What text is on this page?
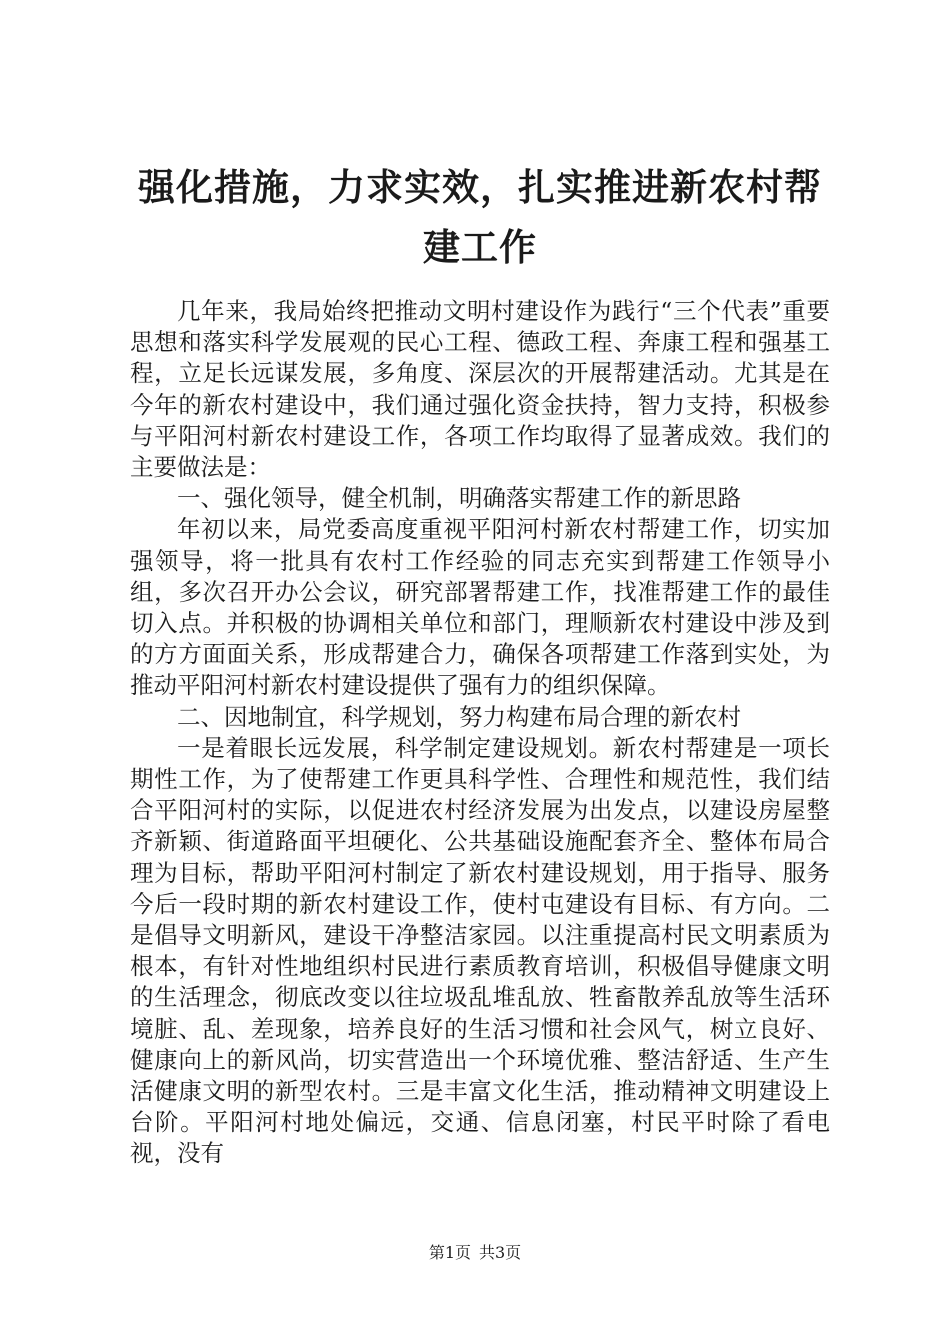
强化措施，力求实效，扎实推进新农村帮建工作

几年来，我局始终把推动文明村建设作为践行“三个代表”重要思想和落实科学发展观的民心工程、德政工程、奔康工程和强基工程，立足长远谋发展，多角度、深层次的开展帮建活动。尤其是在今年的新农村建设中，我们通过强化资金扶持，智力支持，积极参与平阳河村新农村建设工作，各项工作均取得了显著成效。我们的主要做法是：

一、强化领导，健全机制，明确落实帮建工作的新思路

年初以来，局党委高度重视平阳河村新农村帮建工作，切实加强领导，将一批具有农村工作经验的同志充实到帮建工作领导小组，多次召开办公会议，研究部署帮建工作，找准帮建工作的最佳切入点。并积极的协调相关单位和部门，理顺新农村建设中涉及到的方方面面关系，形成帮建合力，确保各项帮建工作落到实处，为推动平阳河村新农村建设提供了强有力的组织保障。

二、因地制宜，科学规划，努力构建布局合理的新农村

一是着眼长远发展，科学制定建设规划。新农村帮建是一项长期性工作，为了使帮建工作更具科学性、合理性和规范性，我们结合平阳河村的实际，以促进农村经济发展为出发点，以建设房屋整齐新颖、街道路面平坦硬化、公共基础设施配套齐全、整体布局合理为目标，帮助平阳河村制定了新农村建设规划，用于指导、服务今后一段时期的新农村建设工作，使村屯建设有目标、有方向。二是倡导文明新风，建设干净整洁家园。以注重提高村民文明素质为根本，有针对性地组织村民进行素质教育培训，积极倡导健康文明的生活理念，彻底改变以往垃圾乱堆乱放、牲畜散养乱放等生活环境脏、乱、差现象，培养良好的生活习惯和社会风气，树立良好、健康向上的新风尚，切实营造出一个环境优雅、整洁舒适、生产生活健康文明的新型农村。三是丰富文化生活，推动精神文明建设上台阶。平阳河村地处偏远，交通、信息闭塞，村民平时除了看电视，没有

第1页 共3页
